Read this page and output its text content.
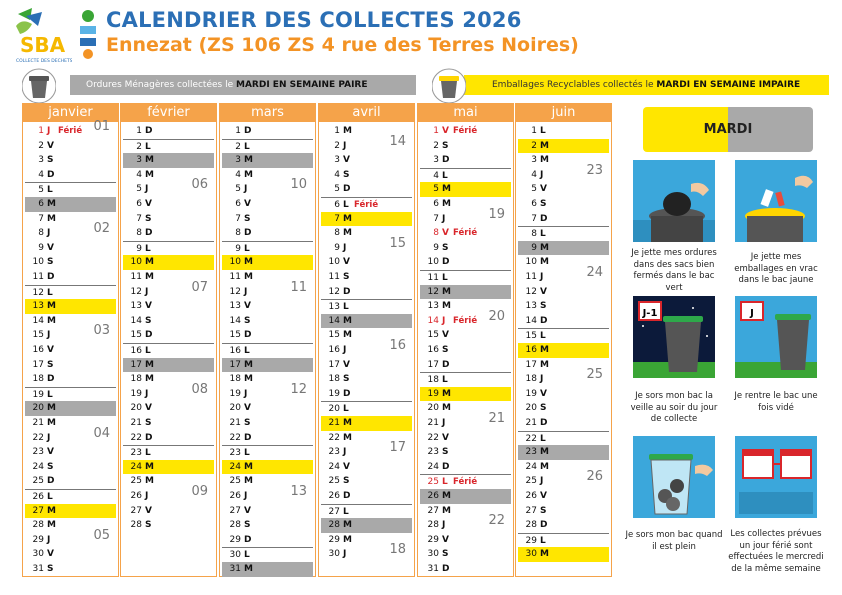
SBA
COLLECTE DES DECHETS
CALENDRIER DES COLLECTES 2026
Ennezat (ZS 106 ZS 4 rue des Terres Noires)
Ordures Ménagères collectées le MARDI EN SEMAINE PAIRE	Emballages Recyclables collectés le MARDI EN SEMAINE IMPAIRE
janvier
1 J Férié 01
2 V
3 S
4 D
5 L
6 M
7 M
8 J	02
9 V
10 S
11 D
12 L
13 M
14 M
15 J	03
16 V
17 S
18 D
19 L
20 M
21 M
22 J	04
23 V
24 S
25 D
26 L
27 M
28 M
29 J	05
30 V
31 S
février
1 D
2 L
3 M
4 M
5 J	06
6 V
7 S
8 D
9 L
10 M
11 M
12 J	07
13 V
14 S
15 D
16 L
17 M
18 M
19 J	08
20 V
21 S
22 D
23 L
24 M
25 M
26 J	09
27 V
28 S
mars
1 D
2 L
3 M
4 M
5 J	10
6 V
7 S
8 D
9 L
10 M
11 M
12 J	11
13 V
14 S
15 D
16 L
17 M
18 M
19 J	12
20 V
21 S
22 D
23 L
24 M
25 M
26 J	13
27 V
28 S
29 D
30 L
31 M
avril
1 M
2 J	14
3 V
4 S
5 D
6 L Férié
7 M
8 M
9 J	15
10 V
11 S
12 D
13 L
14 M
15 M
16 J	16
17 V
18 S
19 D
20 L
21 M
22 M
23 J	17
24 V
25 S
26 D
27 L
28 M
29 M
30 J	18
mai
1 V Férié
2 S
3 D
4 L
5 M
6 M
7 J	19
8 V Férié
9 S
10 D
11 L
12 M
13 M
14 J Férié 20
15 V
16 S
17 D
18 L
19 M
20 M
21 J	21
22 V
23 S
24 D
25 L Férié
26 M
27 M
28 J	22
29 V
30 S
31 D
juin
1 L
2 M
3 M
4 J	23
5 V
6 S
7 D
8 L
9 M
10 M
11 J	24
12 V
13 S
14 D
15 L
16 M
17 M
18 J	25
19 V
20 S
21 D
22 L
23 M
24 M
25 J	26
26 V
27 S
28 D
29 L
30 M
MARDI
Je jette mes ordures dans des sacs bien fermés dans le bac vert
Je jette mes emballages en vrac dans le bac jaune
J-1
Je sors mon bac la veille au soir du jour de collecte
J
Je rentre le bac une fois vidé
Je sors mon bac quand il est plein
Les collectes prévues un jour férié sont effectuées le mercredi de la même semaine
